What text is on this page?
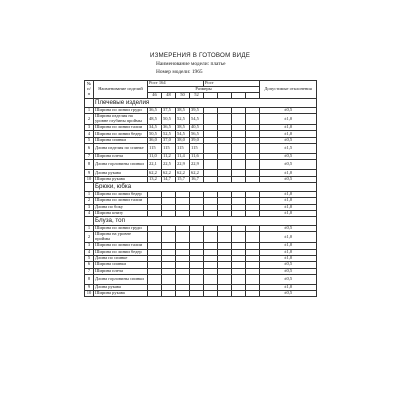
ИЗМЕРЕНИЯ В ГОТОВОМ ВИДЕ
Наименование модели: платье
Номер модели: 1965
№ п/п	Наименование изделий	Рост 164				Рост				Допустимые отклонения
		Размеры								
		46	48	50	52					
	Плечевые изделия									
1	Ширина по линии груди	36,5	37,5	38,5	39,5					±0,5
2	Ширина изделия на уровне глубины проймы	48,5	50,5	52,5	54,5					±1,0
3	Ширина по линии талии	34,5	36,5	38,5	40,5					±1,0
4	Ширина по линии бедер	50,5	52,5	54,5	56,5					±1,0
5	Ширина спинки	36,0	37,0	38,0	39,0					±0,5
6	Длина изделия по спинке	115	115	115	115					±1,5
7	Ширина плеча	11,0	11,2	11,4	11,6					±0,5
8	Длина горловины спинки	22,1	22,5	22,9	22,9					±0,5
9	Длина рукава	62,2	62,2	62,2	62,2					±1,0
10	Ширина рукава	13,2	14,7	15,7	16,7					±0,5
	Брюки, юбка									
1	Ширина по линии бедер									±1,0
2	Ширина по линии талии									±1,0
3	Длина по боку									±1,0
4	Ширина книзу									±1,0
	Блуза, топ									
1	Ширина по линии груди									±0,5
2	Ширина на уровне проймы									±1,0
3	Ширина по линии талии									±1,0
4	Ширина по линии бедер									±1,0
5	Длина по спинке									±1,0
6	Ширина спинки									±0,5
7	Ширина плеча									±0,5
8	Длина горловины спинки									±0,5
9	Длина рукава									±1,0
10	Ширина рукава									±0,5
